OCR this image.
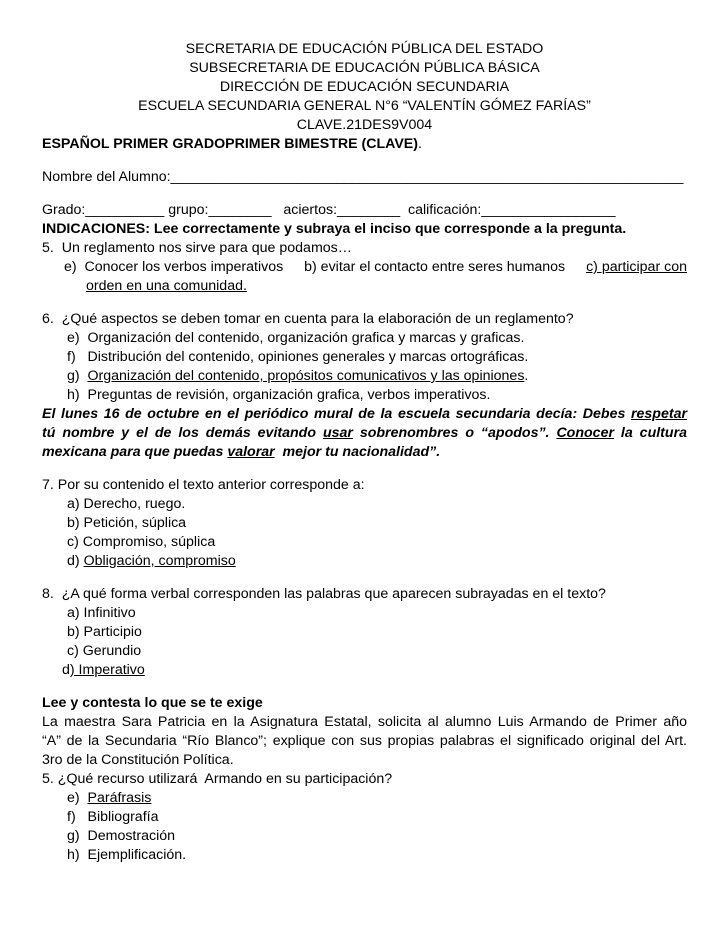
SECRETARIA DE EDUCACIÓN PÚBLICA DEL ESTADO
SUBSECRETARIA DE EDUCACIÓN PÚBLICA BÁSICA
DIRECCIÓN DE EDUCACIÓN SECUNDARIA
ESCUELA SECUNDARIA GENERAL N°6 “VALENTÍN GÓMEZ FARÍAS”
CLAVE.21DES9V004
ESPAÑOL PRIMER GRADOPRIMER BIMESTRE (CLAVE).
Nombre del Alumno:_________________________________________________________________
Grado:__________ grupo:________   aciertos:________  calificación:_________________
INDICACIONES: Lee correctamente y subraya el inciso que corresponde a la pregunta.
5.  Un reglamento nos sirve para que podamos…
e)  Conocer los verbos imperativos b) evitar el contacto entre seres humanos c) participar con
orden en una comunidad.
6.  ¿Qué aspectos se deben tomar en cuenta para la elaboración de un reglamento?
e)  Organización del contenido, organización grafica y marcas y graficas.
f)   Distribución del contenido, opiniones generales y marcas ortográficas.
g)  Organización del contenido, propósitos comunicativos y las opiniones.
h)  Preguntas de revisión, organización grafica, verbos imperativos.
El lunes 16 de octubre en el periódico mural de la escuela secundaria decía: Debes respetar
tú nombre y el de los demás evitando usar sobrenombres o “apodos”. Conocer la cultura
mexicana para que puedas valorar  mejor tu nacionalidad”.
7. Por su contenido el texto anterior corresponde a:
a) Derecho, ruego.
b) Petición, súplica
c) Compromiso, súplica
d) Obligación, compromiso
8.  ¿A qué forma verbal corresponden las palabras que aparecen subrayadas en el texto?
a) Infinitivo
b) Participio
c) Gerundio
d) Imperativo
Lee y contesta lo que se te exige
La maestra Sara Patricia en la Asignatura Estatal, solicita al alumno Luis Armando de Primer año
“A” de la Secundaria “Río Blanco”; explique con sus propias palabras el significado original del Art.
3ro de la Constitución Política.
5. ¿Qué recurso utilizará  Armando en su participación?
e)  Paráfrasis
f)   Bibliografía
g)  Demostración
h)  Ejemplificación.
